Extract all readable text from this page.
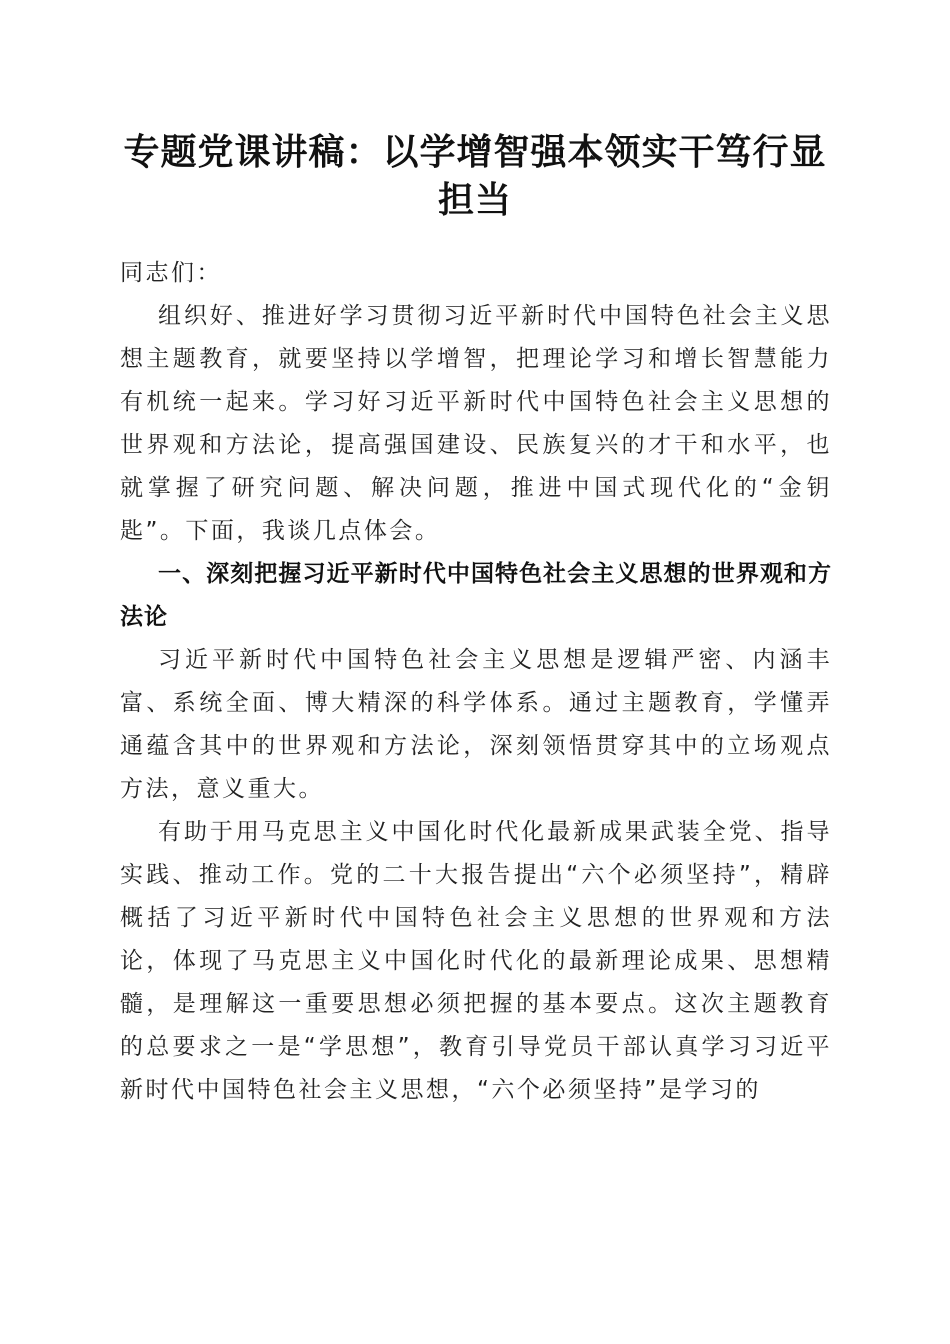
专题党课讲稿：以学增智强本领实干笃行显担当

同志们：

组织好、推进好学习贯彻习近平新时代中国特色社会主义思想主题教育，就要坚持以学增智，把理论学习和增长智慧能力有机统一起来。学习好习近平新时代中国特色社会主义思想的世界观和方法论，提高强国建设、民族复兴的才干和水平，也就掌握了研究问题、解决问题，推进中国式现代化的“金钥匙”。下面，我谈几点体会。

一、深刻把握习近平新时代中国特色社会主义思想的世界观和方法论

习近平新时代中国特色社会主义思想是逻辑严密、内涵丰富、系统全面、博大精深的科学体系。通过主题教育，学懂弄通蕴含其中的世界观和方法论，深刻领悟贯穿其中的立场观点方法，意义重大。

有助于用马克思主义中国化时代化最新成果武装全党、指导实践、推动工作。党的二十大报告提出“六个必须坚持”，精辟概括了习近平新时代中国特色社会主义思想的世界观和方法论，体现了马克思主义中国化时代化的最新理论成果、思想精髓，是理解这一重要思想必须把握的基本要点。这次主题教育的总要求之一是“学思想”，教育引导党员干部认真学习习近平新时代中国特色社会主义思想，“六个必须坚持”是学习的
